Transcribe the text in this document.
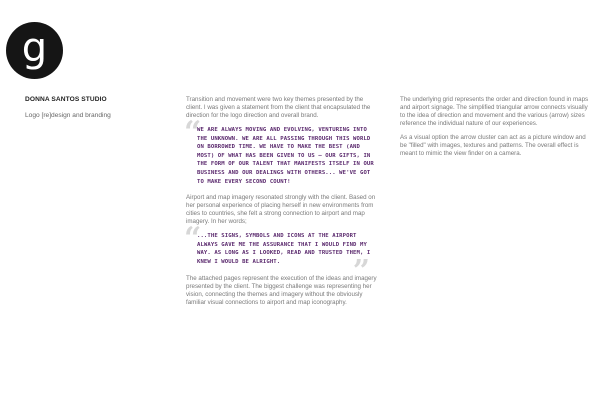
g

DONNA SANTOS STUDIO

Logo [re]design and branding

Transition and movement were two key themes presented by the client. I was given a statement from the client that encapsulated the direction for the logo direction and overall brand.

“

WE ARE ALWAYS MOVING AND EVOLVING, VENTURING INTO THE UNKNOWN. WE ARE ALL PASSING THROUGH THIS WORLD ON BORROWED TIME. WE HAVE TO MAKE THE BEST (AND MOST) OF WHAT HAS BEEN GIVEN TO US – OUR GIFTS, IN THE FORM OF OUR TALENT THAT MANIFESTS ITSELF IN OUR BUSINESS AND OUR DEALINGS WITH OTHERS... WE'VE GOT TO MAKE EVERY SECOND COUNT!

Airport and map imagery resonated strongly with the client. Based on her personal experience of placing herself in new environments from cities to countries, she felt a strong connection to airport and map imagery. In her words;

“

...THE SIGNS, SYMBOLS AND ICONS AT THE AIRPORT ALWAYS GAVE ME THE ASSURANCE THAT I WOULD FIND MY WAY. AS LONG AS I LOOKED, READ AND TRUSTED THEM, I KNEW I WOULD BE ALRIGHT.	”

The attached pages represent the execution of the ideas and imagery presented by the client. The biggest challenge was representing her vision, connecting the themes and imagery without the obviously familiar visual connections to airport and map iconography.

The underlying grid represents the order and direction found in maps and airport signage. The simplified triangular arrow connects visually to the idea of direction and movement and the various (arrow) sizes reference the individual nature of our experiences.

As a visual option the arrow cluster can act as a picture window and be "filled" with images, textures and patterns. The overall effect is meant to mimic the view finder on a camera.
